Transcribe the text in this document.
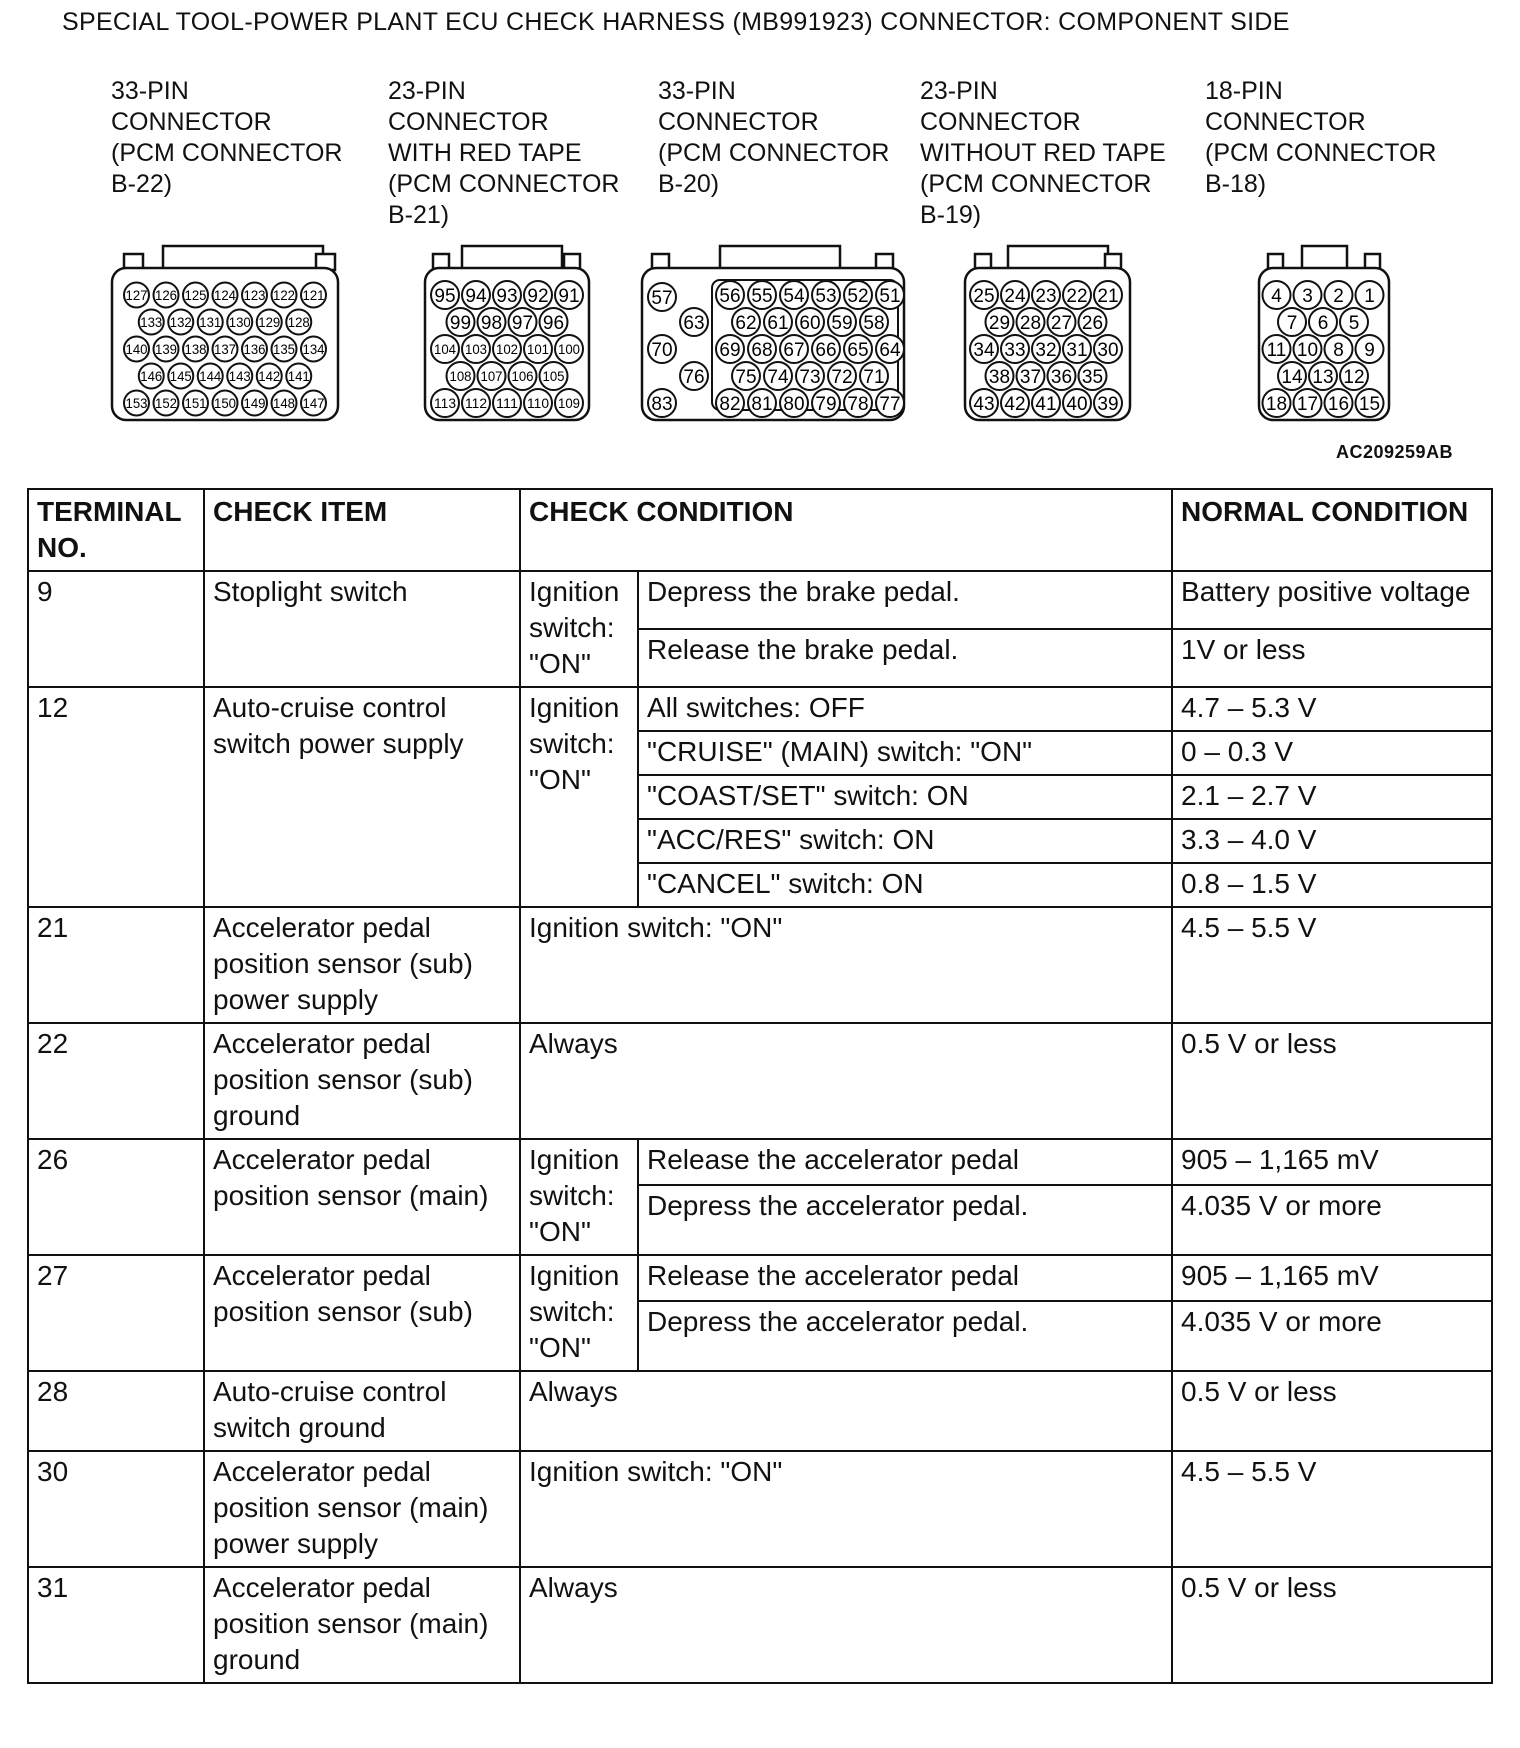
SPECIAL TOOL-POWER PLANT ECU CHECK HARNESS (MB991923) CONNECTOR: COMPONENT SIDE
33-PIN
CONNECTOR
(PCM CONNECTOR
B-22)
23-PIN
CONNECTOR
WITH RED TAPE
(PCM CONNECTOR
B-21)
33-PIN
CONNECTOR
(PCM CONNECTOR
B-20)
23-PIN
CONNECTOR
WITHOUT RED TAPE
(PCM CONNECTOR
B-19)
18-PIN
CONNECTOR
(PCM CONNECTOR
B-18)
127 126 125 124 123 122 121
133 132 131 130 129 128
140 139 138 137 136 135 134
146 145 144 143 142 141
153 152 151 150 149 148 147
95 94 93 92 91
99 98 97 96
104 103 102 101 100
108 107 106 105
113 112 111 110 109
57
63
70
76
83
56 55 54 53 52 51
62 61 60 59 58
69 68 67 66 65 64
75 74 73 72 71
82 81 80 79 78 77
25 24 23 22 21
29 28 27 26
34 33 32 31 30
38 37 36 35
43 42 41 40 39
4 3 2 1
7 6 5
11 10 8 9
14 13 12
18 17 16 15
AC209259AB
TERMINAL NO.	CHECK ITEM	CHECK CONDITION		NORMAL CONDITION
9	Stoplight switch	Ignition switch: "ON"	Depress the brake pedal.	Battery positive voltage
			Release the brake pedal.	1V or less
12	Auto-cruise control switch power supply	Ignition switch: "ON"	All switches: OFF	4.7 – 5.3 V
			"CRUISE" (MAIN) switch: "ON"	0 – 0.3 V
			"COAST/SET" switch: ON	2.1 – 2.7 V
			"ACC/RES" switch: ON	3.3 – 4.0 V
			"CANCEL" switch: ON	0.8 – 1.5 V
21	Accelerator pedal position sensor (sub) power supply	Ignition switch: "ON"		4.5 – 5.5 V
22	Accelerator pedal position sensor (sub) ground	Always		0.5 V or less
26	Accelerator pedal position sensor (main)	Ignition switch: "ON"	Release the accelerator pedal	905 – 1,165 mV
			Depress the accelerator pedal.	4.035 V or more
27	Accelerator pedal position sensor (sub)	Ignition switch: "ON"	Release the accelerator pedal	905 – 1,165 mV
			Depress the accelerator pedal.	4.035 V or more
28	Auto-cruise control switch ground	Always		0.5 V or less
30	Accelerator pedal position sensor (main) power supply	Ignition switch: "ON"		4.5 – 5.5 V
31	Accelerator pedal position sensor (main) ground	Always		0.5 V or less
